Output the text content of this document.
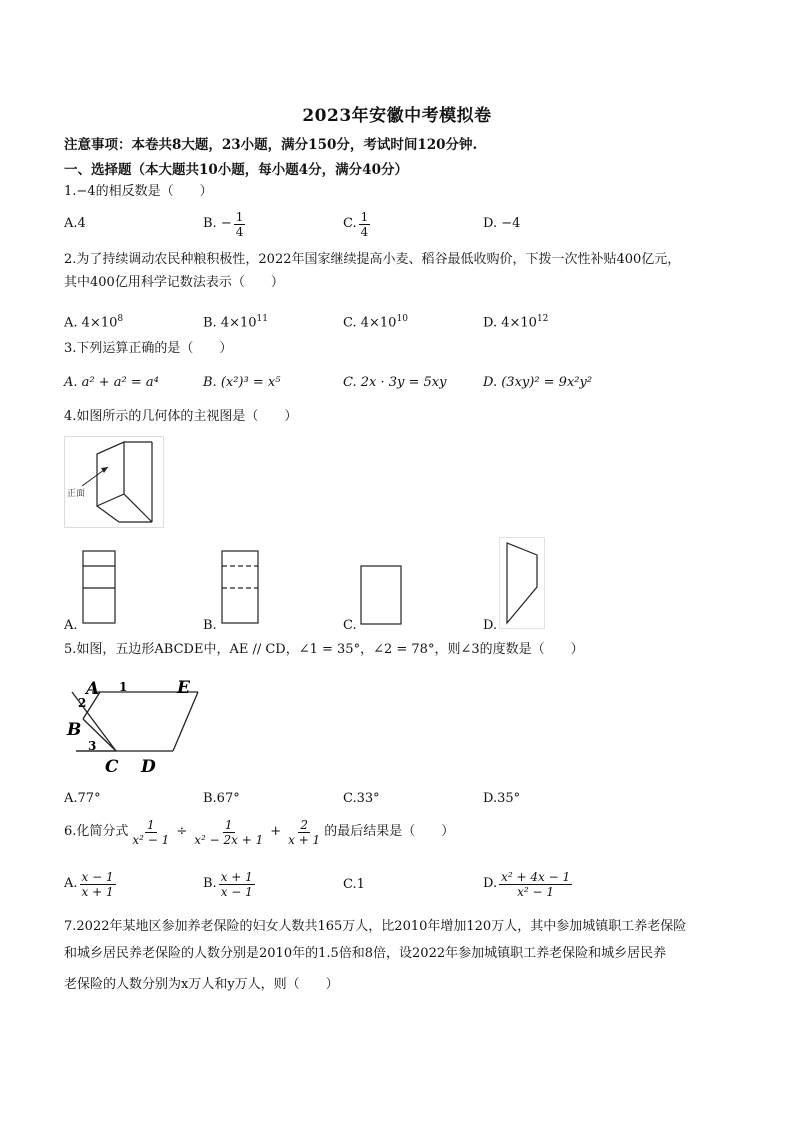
2023年安徽中考模拟卷
注意事项：本卷共8大题，23小题，满分150分，考试时间120分钟.
一、选择题（本大题共10小题，每小题4分，满分40分）
1.−4的相反数是（　　）
A.4	B. − $\frac{1}{4}$	C. $\frac{1}{4}$	D. −4
2.为了持续调动农民种粮积极性，2022年国家继续提高小麦、稻谷最低收购价，下拨一次性补贴400亿元，
其中400亿用科学记数法表示（　　）
A. $4\times 10^8$	B. $4\times 10^{11}$	C. $4\times 10^{10}$	D. $4\times 10^{12}$
3.下列运算正确的是（　　）
A. a² + a² = a⁴	B. (x²)³ = x⁵	C. 2x · 3y = 5xy	D. (3xy)² = 9x²y²
4.如图所示的几何体的主视图是（　　）
正面
A.	B.	C.	D.
5.如图，五边形ABCDE中，AE // CD，∠1 = 35°，∠2 = 78°，则∠3的度数是（　　）
A 1	E
2
B
3
C D
A.77°	B.67°	C.33°	D.35°
6.化简分式 $\frac{1}{\text{x² − 1}} \div \frac{1}{\text{x² − 2x + 1}} + \frac{2}{x + 1}$ 的最后结果是（　　）
A. $\frac{x - 1}{x + 1}$	B. $\frac{x + 1}{x - 1}$	C.1	D. $\frac{\text{x² + 4x − 1}}{\text{x² − 1}}$
7.2022年某地区参加养老保险的妇女人数共165万人，比2010年增加120万人，其中参加城镇职工养老保险
和城乡居民养老保险的人数分别是2010年的1.5倍和8倍，设2022年参加城镇职工养老保险和城乡居民养
老保险的人数分别为x万人和y万人，则（　　）
